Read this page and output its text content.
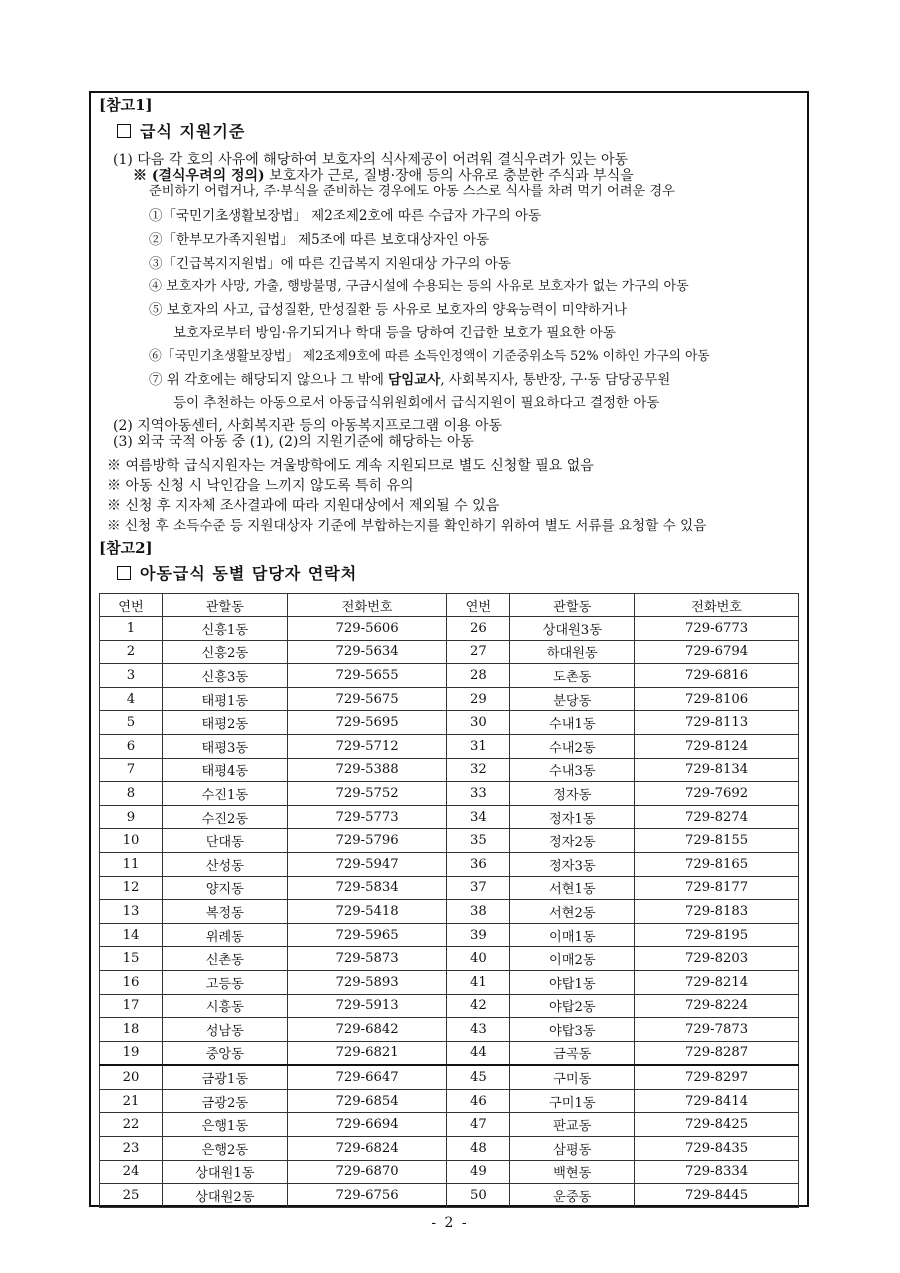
[참고1]
급식 지원기준
(1) 다음 각 호의 사유에 해당하여 보호자의 식사제공이 어려워 결식우려가 있는 아동
※ (결식우려의 정의) 보호자가 근로, 질병·장애 등의 사유로 충분한 주식과 부식을
준비하기 어렵거나, 주·부식을 준비하는 경우에도 아동 스스로 식사를 차려 먹기 어려운 경우
①「국민기초생활보장법」 제2조제2호에 따른 수급자 가구의 아동
②「한부모가족지원법」 제5조에 따른 보호대상자인 아동
③「긴급복지지원법」에 따른 긴급복지 지원대상 가구의 아동
④ 보호자가 사망, 가출, 행방불명, 구금시설에 수용되는 등의 사유로 보호자가 없는 가구의 아동
⑤ 보호자의 사고, 급성질환, 만성질환 등 사유로 보호자의 양육능력이 미약하거나
보호자로부터 방임·유기되거나 학대 등을 당하여 긴급한 보호가 필요한 아동
⑥「국민기초생활보장법」 제2조제9호에 따른 소득인정액이 기준중위소득 52% 이하인 가구의 아동
⑦ 위 각호에는 해당되지 않으나 그 밖에 담임교사, 사회복지사, 통반장, 구·동 담당공무원
등이 추천하는 아동으로서 아동급식위원회에서 급식지원이 필요하다고 결정한 아동
(2) 지역아동센터, 사회복지관 등의 아동복지프로그램 이용 아동
(3) 외국 국적 아동 중 (1), (2)의 지원기준에 해당하는 아동
※ 여름방학 급식지원자는 겨울방학에도 계속 지원되므로 별도 신청할 필요 없음
※ 아동 신청 시 낙인감을 느끼지 않도록 특히 유의
※ 신청 후 지자체 조사결과에 따라 지원대상에서 제외될 수 있음
※ 신청 후 소득수준 등 지원대상자 기준에 부합하는지를 확인하기 위하여 별도 서류를 요청할 수 있음
[참고2]
아동급식 동별 담당자 연락처
연번	관할동	전화번호	연번	관할동	전화번호
1	신흥1동	729-5606	26	상대원3동	729-6773
2	신흥2동	729-5634	27	하대원동	729-6794
3	신흥3동	729-5655	28	도촌동	729-6816
4	태평1동	729-5675	29	분당동	729-8106
5	태평2동	729-5695	30	수내1동	729-8113
6	태평3동	729-5712	31	수내2동	729-8124
7	태평4동	729-5388	32	수내3동	729-8134
8	수진1동	729-5752	33	정자동	729-7692
9	수진2동	729-5773	34	정자1동	729-8274
10	단대동	729-5796	35	정자2동	729-8155
11	산성동	729-5947	36	정자3동	729-8165
12	양지동	729-5834	37	서현1동	729-8177
13	복정동	729-5418	38	서현2동	729-8183
14	위례동	729-5965	39	이매1동	729-8195
15	신촌동	729-5873	40	이매2동	729-8203
16	고등동	729-5893	41	야탑1동	729-8214
17	시흥동	729-5913	42	야탑2동	729-8224
18	성남동	729-6842	43	야탑3동	729-7873
19	중앙동	729-6821	44	금곡동	729-8287
20	금광1동	729-6647	45	구미동	729-8297
21	금광2동	729-6854	46	구미1동	729-8414
22	은행1동	729-6694	47	판교동	729-8425
23	은행2동	729-6824	48	삼평동	729-8435
24	상대원1동	729-6870	49	백현동	729-8334
25	상대원2동	729-6756	50	운중동	729-8445
- 2 -
